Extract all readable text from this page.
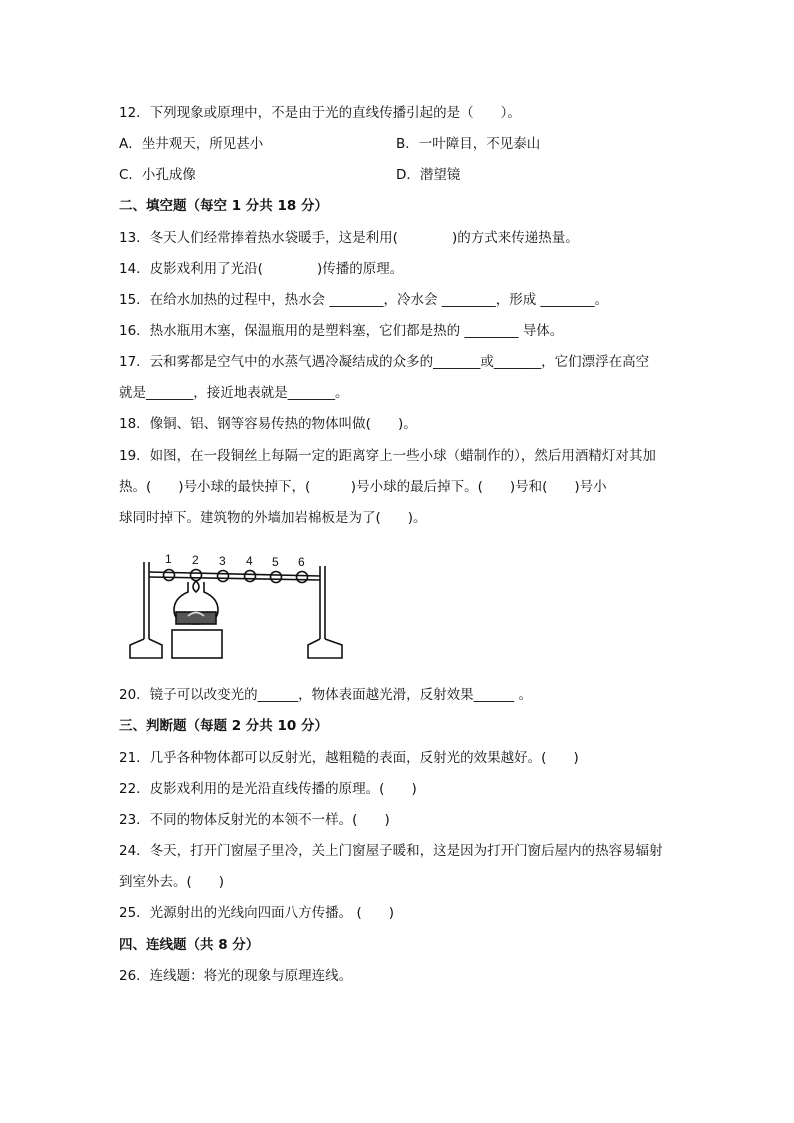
12．下列现象或原理中，不是由于光的直线传播引起的是（　　）。

A．坐井观天，所见甚小	B．一叶障目，不见泰山

C．小孔成像	D．潜望镜

二、填空题（每空 1 分共 18 分）

13．冬天人们经常捧着热水袋暖手，这是利用(　　　　)的方式来传递热量。

14．皮影戏利用了光沿(　　　　)传播的原理。

15．在给水加热的过程中，热水会 ________，冷水会 ________，形成 ________。

16．热水瓶用木塞，保温瓶用的是塑料塞，它们都是热的 ________ 导体。

17．云和雾都是空气中的水蒸气遇冷凝结成的众多的_______或_______，它们漂浮在高空

就是_______，接近地表就是_______。

18．像铜、铝、钢等容易传热的物体叫做(　　)。

19．如图，在一段铜丝上每隔一定的距离穿上一些小球（蜡制作的），然后用酒精灯对其加

热。(　　)号小球的最快掉下，(　　　)号小球的最后掉下。(　　)号和(　　)号小

球同时掉下。建筑物的外墙加岩棉板是为了(　　)。

1 2 3 4 5 6

20．镜子可以改变光的______，物体表面越光滑，反射效果______ 。

三、判断题（每题 2 分共 10 分）

21．几乎各种物体都可以反射光，越粗糙的表面，反射光的效果越好。(　　)

22．皮影戏利用的是光沿直线传播的原理。(　　)

23．不同的物体反射光的本领不一样。(　　)

24．冬天，打开门窗屋子里冷，关上门窗屋子暖和，这是因为打开门窗后屋内的热容易辐射

到室外去。(　　)

25．光源射出的光线向四面八方传播。 (　　)

四、连线题（共 8 分）

26．连线题：将光的现象与原理连线。
